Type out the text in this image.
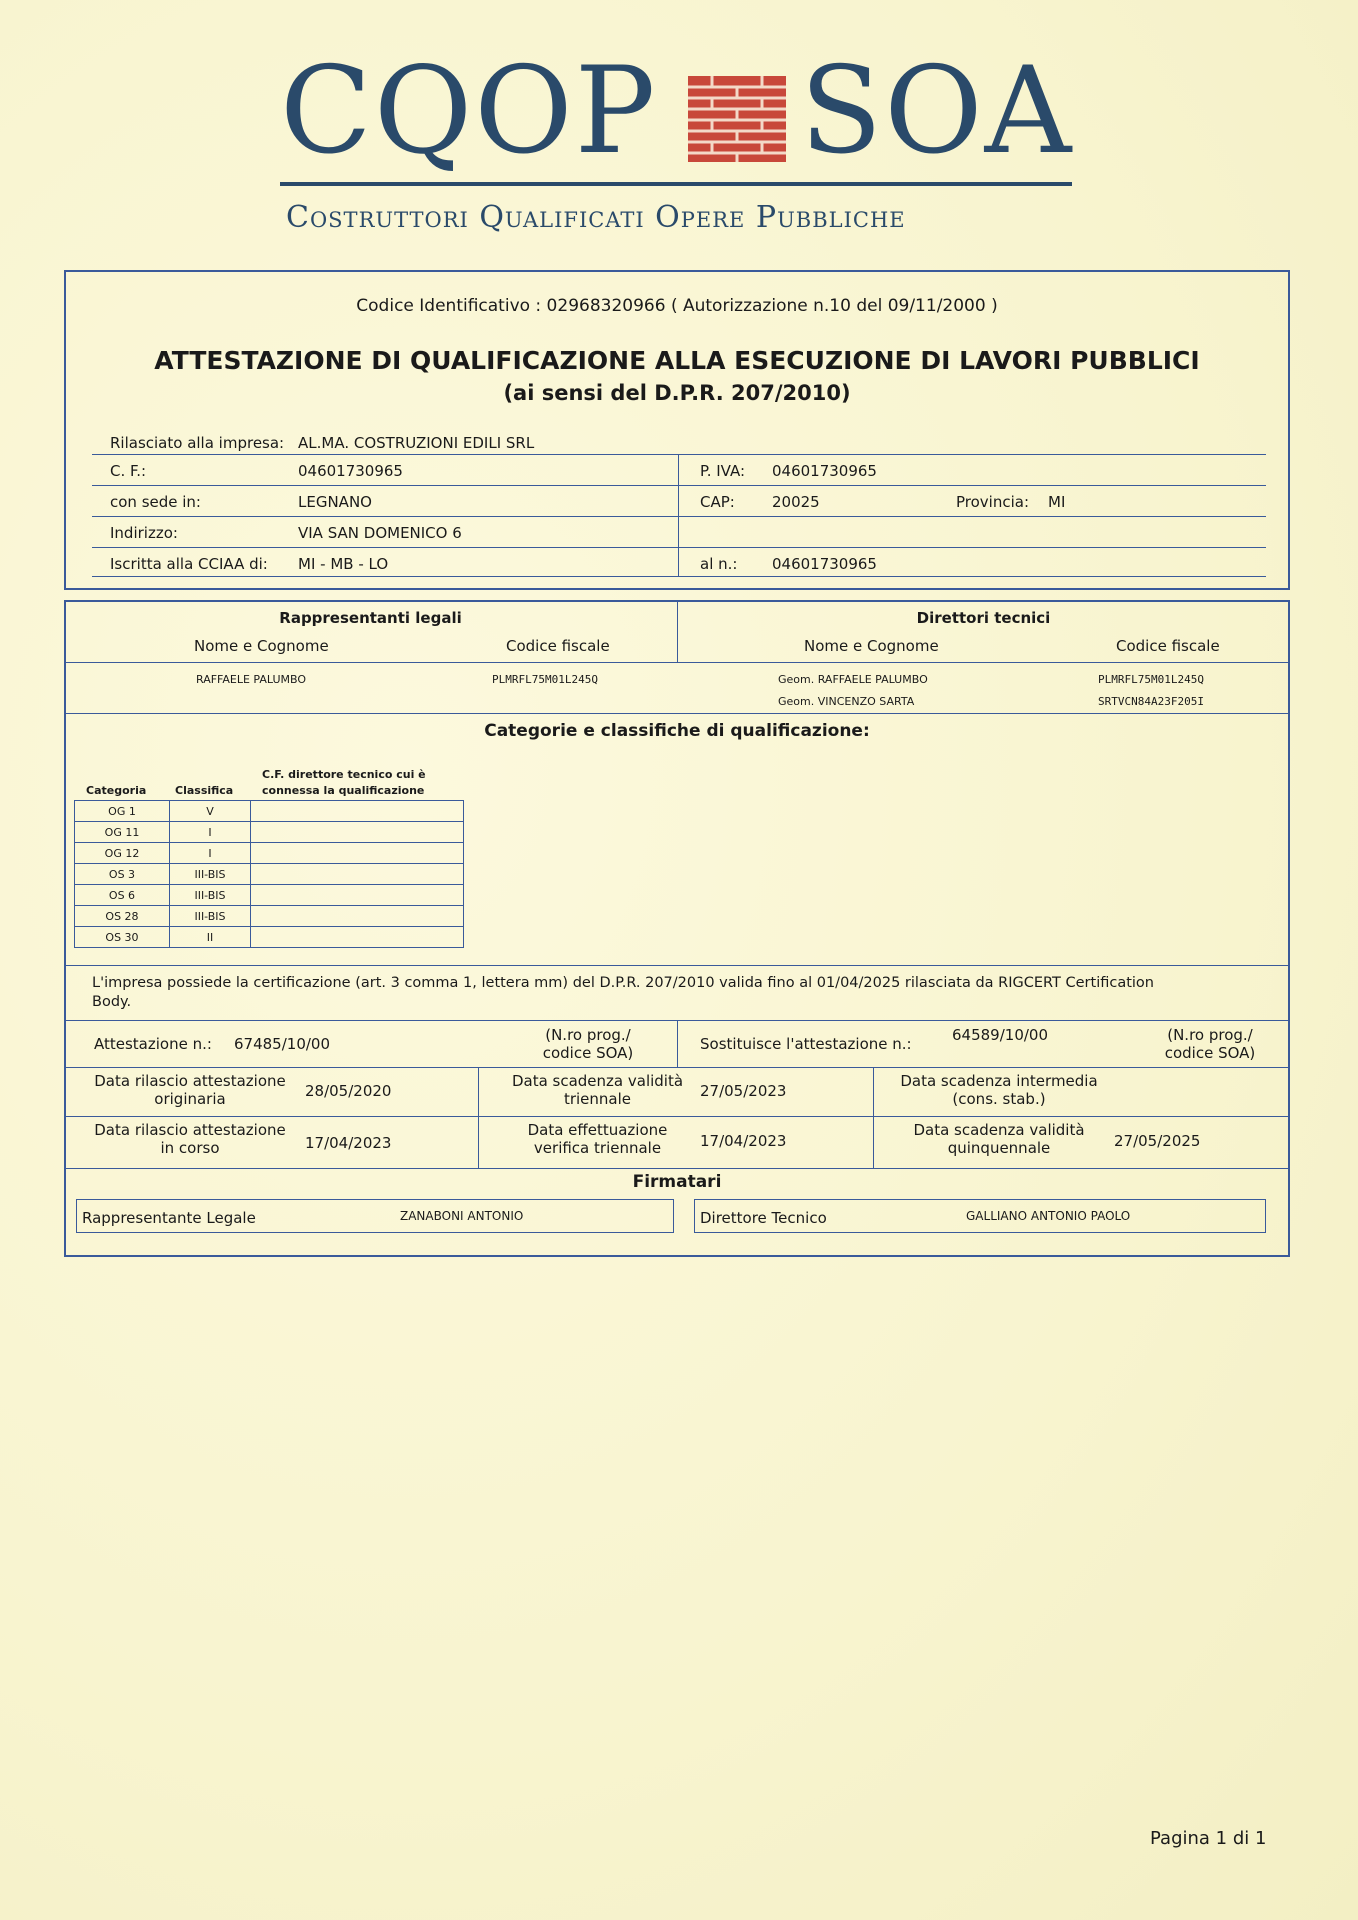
CQOP SOA
Costruttori Qualificati Opere Pubbliche
Codice Identificativo : 02968320966 ( Autorizzazione n.10 del 09/11/2000 )
ATTESTAZIONE DI QUALIFICAZIONE ALLA ESECUZIONE DI LAVORI PUBBLICI
(ai sensi del D.P.R. 207/2010)
Rilasciato alla impresa: AL.MA. COSTRUZIONI EDILI SRL
C. F.:	04601730965	P. IVA: 04601730965
con sede in:	LEGNANO	CAP: 20025	Provincia: MI
Indirizzo:	VIA SAN DOMENICO 6
Iscritta alla CCIAA di: MI - MB - LO	al n.: 04601730965
Rappresentanti legali
Nome e Cognome	Codice fiscale
Direttori tecnici
Nome e Cognome	Codice fiscale
RAFFAELE PALUMBO	PLMRFL75M01L245Q	Geom. RAFFAELE PALUMBO	PLMRFL75M01L245Q
Geom. VINCENZO SARTA	SRTVCN84A23F205I
Categorie e classifiche di qualificazione:
C.F. direttore tecnico cui è
Categoria	Classifica	connessa la qualificazione
OG 1	V	
OG 11	I	
OG 12	I	
OS 3	III-BIS	
OS 6	III-BIS	
OS 28	III-BIS	
OS 30	II	
L'impresa possiede la certificazione (art. 3 comma 1, lettera mm) del D.P.R. 207/2010 valida fino al 01/04/2025 rilasciata da RIGCERT Certification
Body.
Attestazione n.: 67485/10/00	(N.ro prog./
codice SOA)	Sostituisce l'attestazione n.:	64589/10/00	(N.ro prog./
codice SOA)
Data rilascio attestazione
originaria	28/05/2020
Data scadenza validità
triennale	27/05/2023
Data scadenza intermedia
(cons. stab.)
Data rilascio attestazione
in corso	17/04/2023
Data effettuazione
verifica triennale	17/04/2023
Data scadenza validità
quinquennale	27/05/2025
Firmatari
Rappresentante Legale	ZANABONI ANTONIO	Direttore Tecnico	GALLIANO ANTONIO PAOLO
Pagina 1 di 1
